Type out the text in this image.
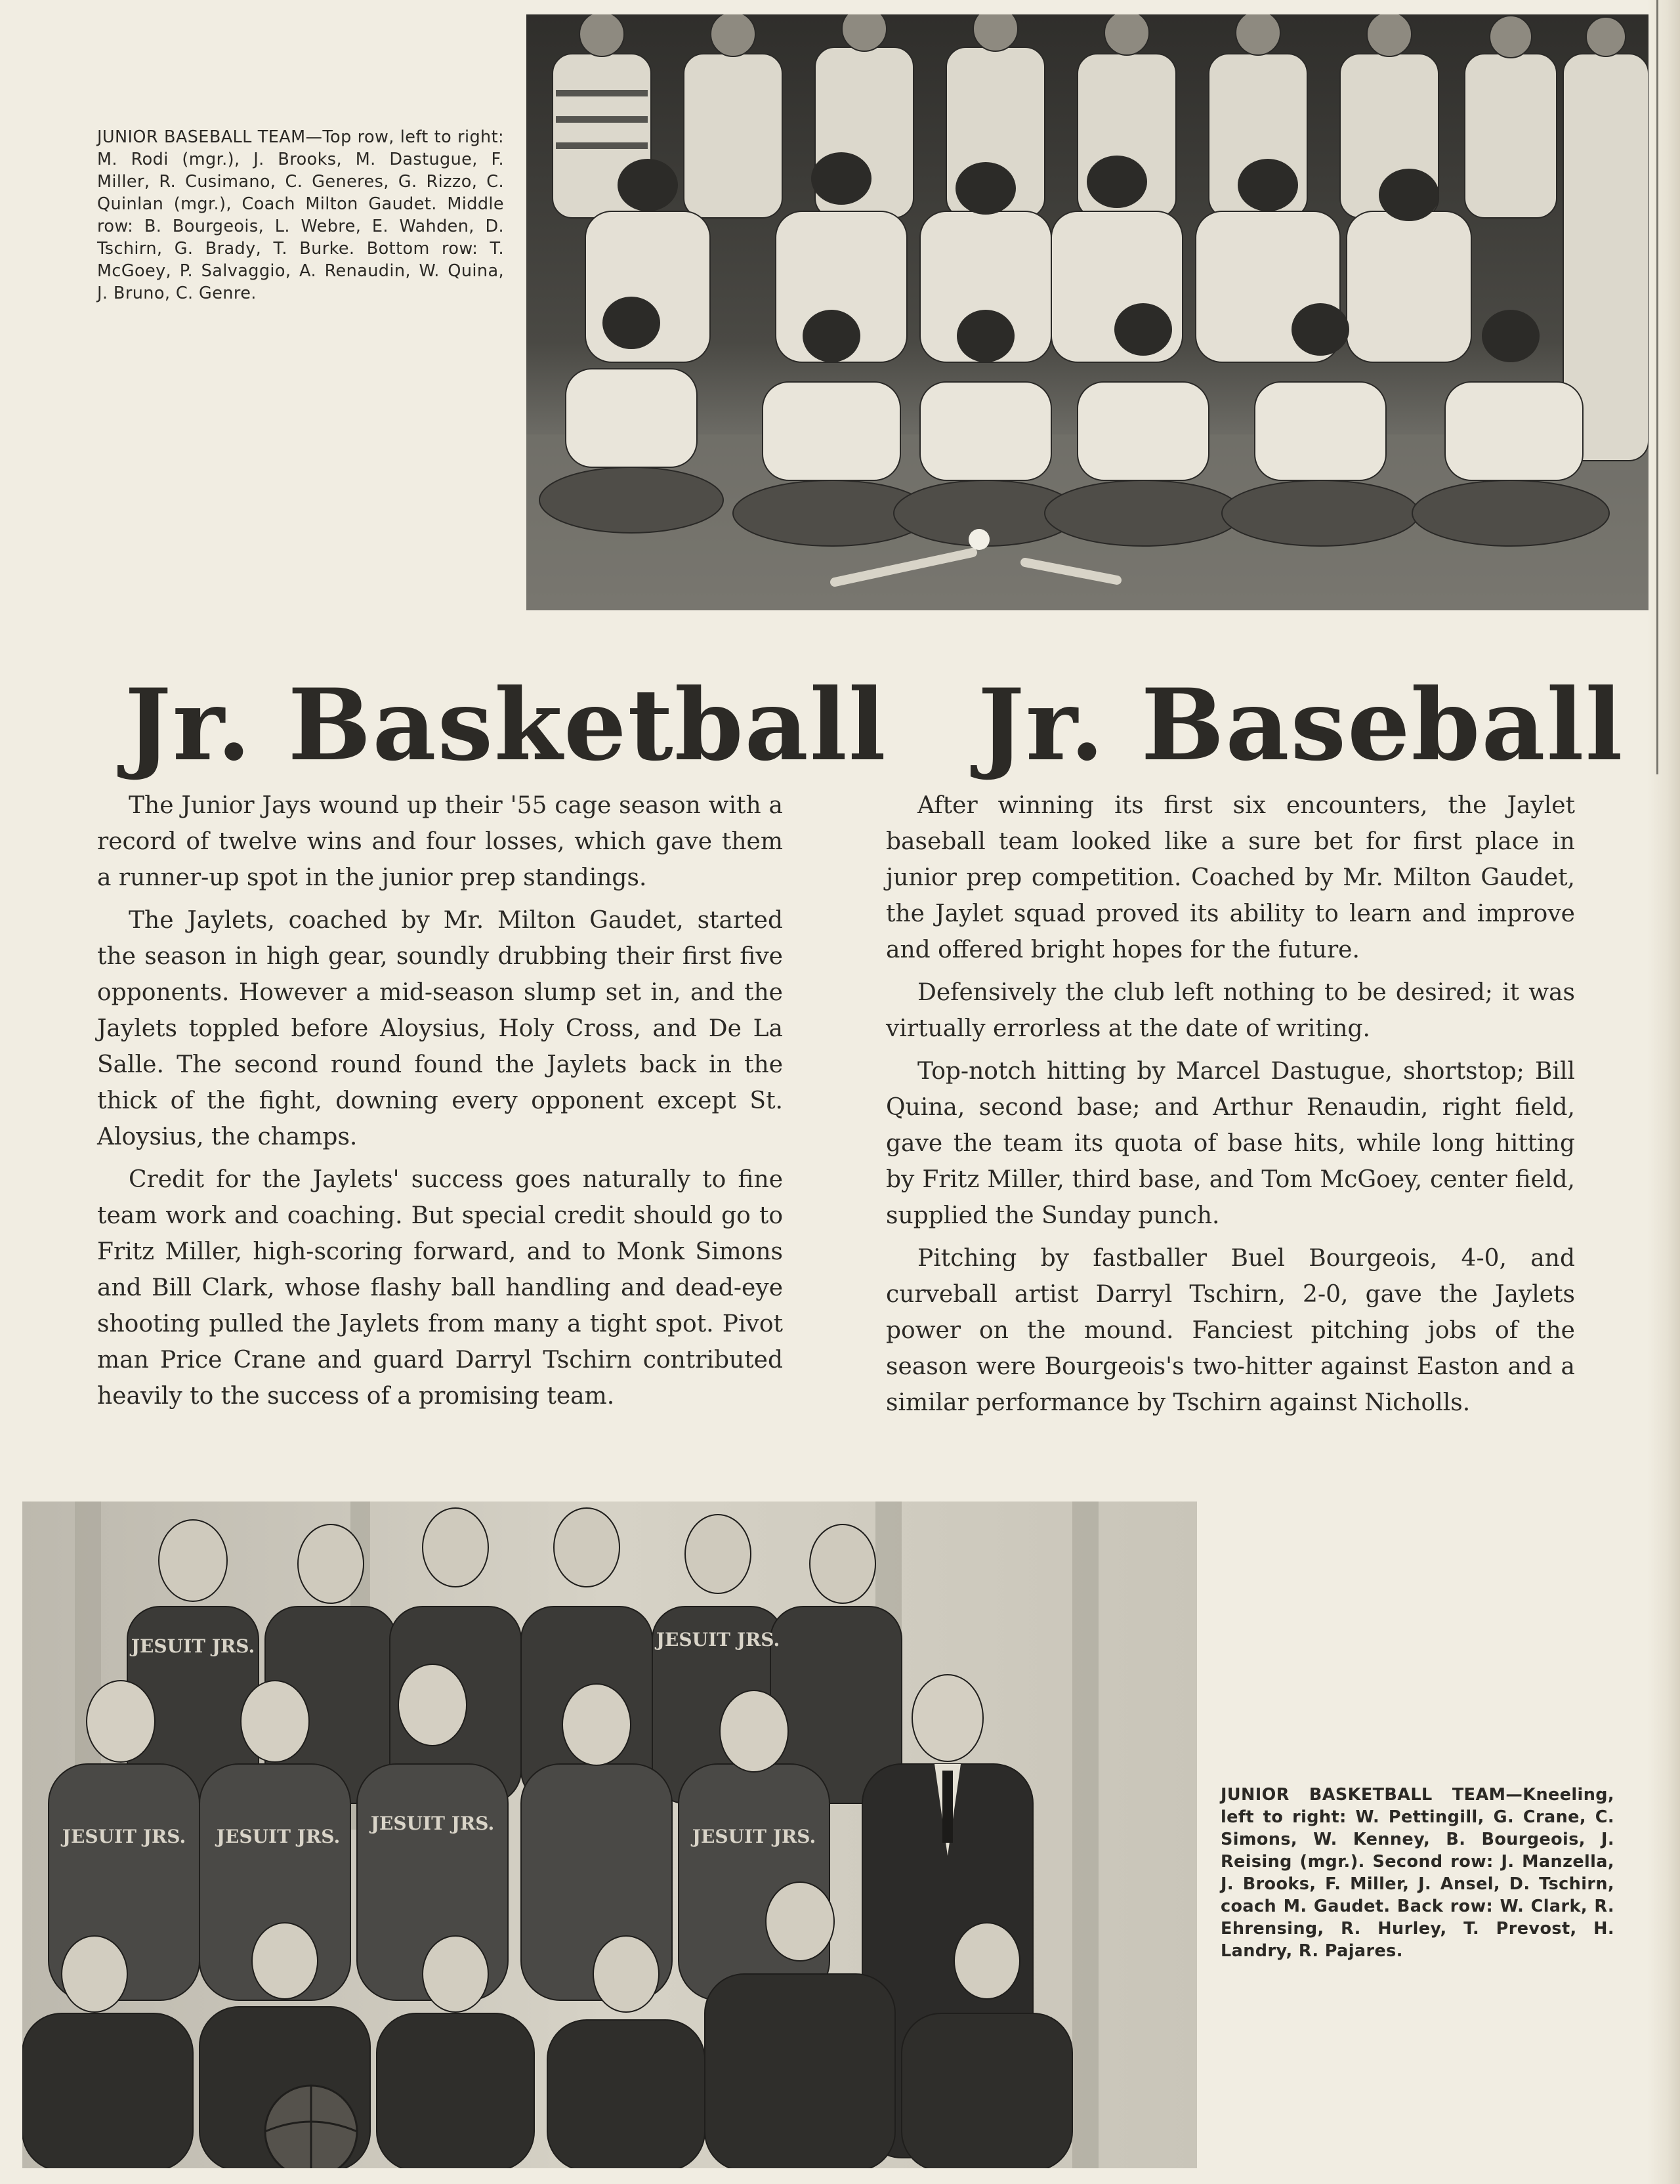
JUNIOR BASEBALL TEAM—Top row, left to right: M. Rodi (mgr.), J. Brooks, M. Dastugue, F. Miller, R. Cusimano, C. Generes, G. Rizzo, C. Quinlan (mgr.), Coach Milton Gaudet. Middle row: B. Bourgeois, L. Webre, E. Wahden, D. Tschirn, G. Brady, T. Burke. Bottom row: T. McGoey, P. Salvaggio, A. Renaudin, W. Quina, J. Bruno, C. Genre.
Jr. Basketball Jr. Baseball

The Junior Jays wound up their '55 cage season with a record of twelve wins and four losses, which gave them a runner-up spot in the junior prep standings.

The Jaylets, coached by Mr. Milton Gaudet, started the season in high gear, soundly drubbing their first five opponents. However a mid-season slump set in, and the Jaylets toppled before Aloysius, Holy Cross, and De La Salle. The second round found the Jaylets back in the thick of the fight, downing every opponent except St. Aloysius, the champs.

Credit for the Jaylets' success goes naturally to fine team work and coaching. But special credit should go to Fritz Miller, high-scoring forward, and to Monk Simons and Bill Clark, whose flashy ball handling and dead-eye shooting pulled the Jaylets from many a tight spot. Pivot man Price Crane and guard Darryl Tschirn contributed heavily to the success of a promising team.

After winning its first six encounters, the Jaylet baseball team looked like a sure bet for first place in junior prep competition. Coached by Mr. Milton Gaudet, the Jaylet squad proved its ability to learn and improve and offered bright hopes for the future.

Defensively the club left nothing to be desired; it was virtually errorless at the date of writing.

Top-notch hitting by Marcel Dastugue, shortstop; Bill Quina, second base; and Arthur Renaudin, right field, gave the team its quota of base hits, while long hitting by Fritz Miller, third base, and Tom McGoey, center field, supplied the Sunday punch.

Pitching by fastballer Buel Bourgeois, 4-0, and curveball artist Darryl Tschirn, 2-0, gave the Jaylets power on the mound. Fanciest pitching jobs of the season were Bourgeois's two-hitter against Easton and a similar performance by Tschirn against Nicholls.

JESUIT JRS. JESUIT JRS.
JESUIT JRS.
JESUIT JRS.
JESUIT JRS.	JESUIT JRS.
JUNIOR BASKETBALL TEAM—Kneeling, left to right: W. Pettingill, G. Crane, C. Simons, W. Kenney, B. Bourgeois, J. Reising (mgr.). Second row: J. Manzella, J. Brooks, F. Miller, J. Ansel, D. Tschirn, coach M. Gaudet. Back row: W. Clark, R. Ehrensing, R. Hurley, T. Prevost, H. Landry, R. Pajares.
